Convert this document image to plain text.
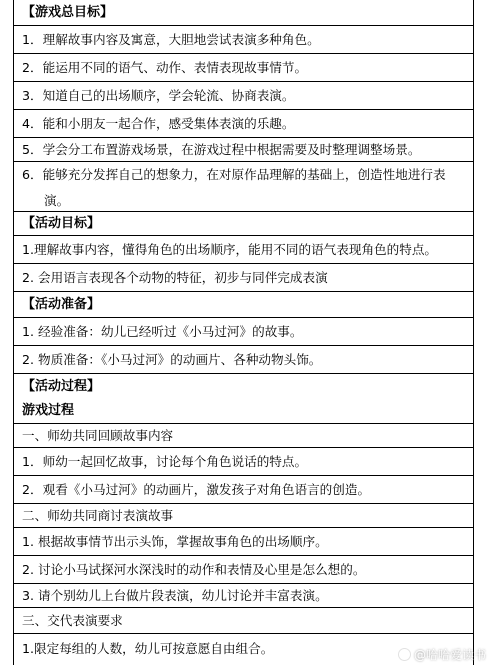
【游戏总目标】
1．理解故事内容及寓意，大胆地尝试表演多种角色。
2．能运用不同的语气、动作、表情表现故事情节。
3．知道自己的出场顺序，学会轮流、协商表演。
4．能和小朋友一起合作，感受集体表演的乐趣。
5．学会分工布置游戏场景，在游戏过程中根据需要及时整理调整场景。
6．能够充分发挥自己的想象力，在对原作品理解的基础上，创造性地进行表演。
【活动目标】
1.理解故事内容，懂得角色的出场顺序，能用不同的语气表现角色的特点。
2. 会用语言表现各个动物的特征，初步与同伴完成表演
【活动准备】
1. 经验准备：幼儿已经听过《小马过河》的故事。
2. 物质准备：《小马过河》的动画片、各种动物头饰。
【活动过程】
游戏过程
一、师幼共同回顾故事内容
1．师幼一起回忆故事，讨论每个角色说话的特点。
2．观看《小马过河》的动画片，激发孩子对角色语言的创造。
二、师幼共同商讨表演故事
1. 根据故事情节出示头饰，掌握故事角色的出场顺序。
2. 讨论小马试探河水深浅时的动作和表情及心里是怎么想的。
3. 请个别幼儿上台做片段表演，幼儿讨论并丰富表演。
三、交代表演要求
1.限定每组的人数，幼儿可按意愿自由组合。	@哈哈爱读书
